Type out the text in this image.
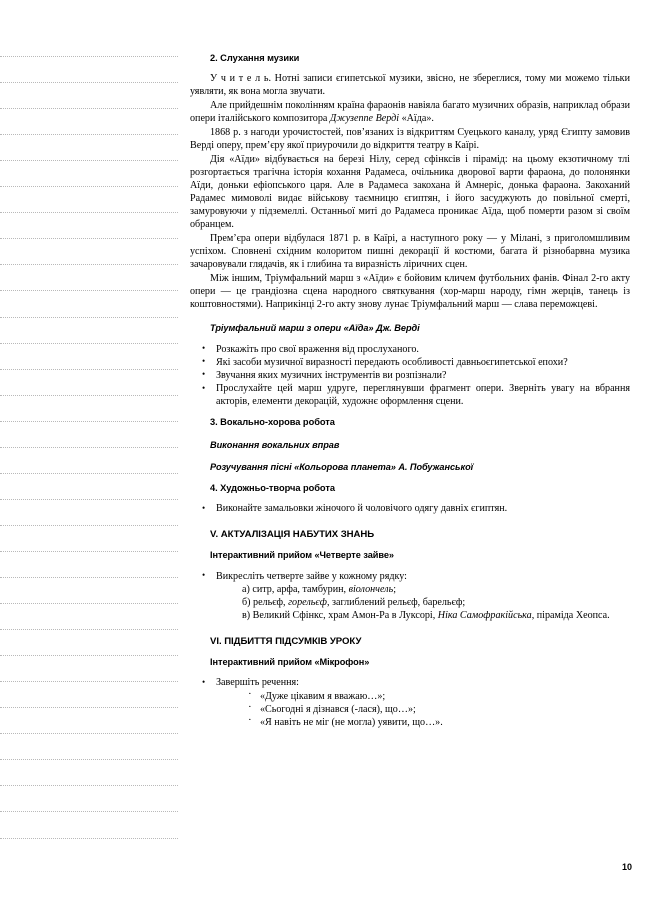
2. Слухання музики

У ч и т е л ь. Нотні записи єгипетської музики, звісно, не збереглися, тому ми можемо тільки уявляти, як вона могла звучати.

Але прийдешнім поколінням країна фараонів навіяла багато музичних образів, наприклад образи опери італійського композитора Джузеппе Верді «Аїда».

1868 р. з нагоди урочистостей, пов’язаних із відкриттям Суецького каналу, уряд Єгипту замовив Верді оперу, прем’єру якої приурочили до відкриття театру в Каїрі.

Дія «Аїди» відбувається на березі Нілу, серед сфінксів і пірамід: на цьому екзотичному тлі розгортається трагічна історія кохання Радамеса, очільника дворової варти фараона, до полонянки Аїди, доньки ефіопського царя. Але в Радамеса закохана й Амнеріс, донька фараона. Закоханий Радамес мимоволі видає військову таємницю єгиптян, і його засуджують до повільної смерті, замуровуючи у підземеллі. Останньої миті до Радамеса проникає Аїда, щоб померти разом зі своїм обранцем.

Прем’єра опери відбулася 1871 р. в Каїрі, а наступного року — у Мілані, з приголомшливим успіхом. Сповнені східним колоритом пишні декорації й костюми, багата й різнобарвна музика зачаровували глядачів, як і глибина та виразність ліричних сцен.

Між іншим, Тріумфальний марш з «Аїди» є бойовим кличем футбольних фанів. Фінал 2-го акту опери — це грандіозна сцена народного святкування (хор-марш народу, гімн жерців, танець із коштовностями). Наприкінці 2-го акту знову лунає Тріумфальний марш — слава переможцеві.

Тріумфальний марш з опери «Аїда» Дж. Верді

• Розкажіть про свої враження від прослуханого.
• Які засоби музичної виразності передають особливості давньоєгипетської епохи?
• Звучання яких музичних інструментів ви розпізнали?
• Прослухайте цей марш удруге, переглянувши фрагмент опери. Зверніть увагу на вбрання акторів, елементи декорацій, художнє оформлення сцени.

3. Вокально-хорова робота

Виконання вокальних вправ

Розучування пісні «Кольорова планета» А. Побужанської

4. Художньо-творча робота

• Виконайте замальовки жіночого й чоловічого одягу давніх єгиптян.

V. АКТУАЛІЗАЦІЯ НАБУТИХ ЗНАНЬ

Інтерактивний прийом «Четверте зайве»

• Викресліть четверте зайве у кожному рядку:
а) ситр, арфа, тамбурин, віолончель;
б) рельєф, горельєф, заглиблений рельєф, барельєф;
в) Великий Сфінкс, храм Амон-Ра в Луксорі, Ніка Самофракійська, піраміда Хеопса.

VI. ПІДБИТТЯ ПІДСУМКІВ УРОКУ

Інтерактивний прийом «Мікрофон»

• Завершіть речення:
· «Дуже цікавим я вважаю…»;
· «Сьогодні я дізнався (-лася), що…»;
· «Я навіть не міг (не могла) уявити, що…».
10
